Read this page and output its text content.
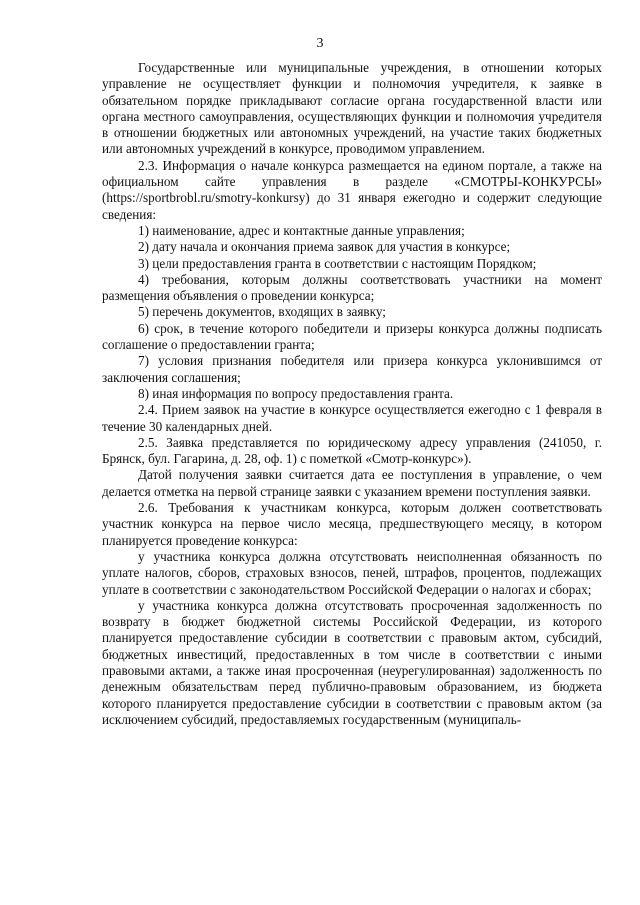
3

Государственные или муниципальные учреждения, в отношении которых управление не осуществляет функции и полномочия учредителя, к заявке в обязательном порядке прикладывают согласие органа государственной власти или органа местного самоуправления, осуществляющих функции и полномочия учредителя в отношении бюджетных или автономных учреждений, на участие таких бюджетных или автономных учреждений в конкурсе, проводимом управлением.

2.3. Информация о начале конкурса размещается на едином портале, а также на официальном сайте управления в разделе «СМОТРЫ-КОНКУРСЫ» (https://sportbrobl.ru/smotry-konkursy) до 31 января ежегодно и содержит следующие сведения:

1) наименование, адрес и контактные данные управления;

2) дату начала и окончания приема заявок для участия в конкурсе;

3) цели предоставления гранта в соответствии с настоящим Порядком;

4) требования, которым должны соответствовать участники на момент размещения объявления о проведении конкурса;

5) перечень документов, входящих в заявку;

6) срок, в течение которого победители и призеры конкурса должны подписать соглашение о предоставлении гранта;

7) условия признания победителя или призера конкурса уклонившимся от заключения соглашения;

8) иная информация по вопросу предоставления гранта.

2.4. Прием заявок на участие в конкурсе осуществляется ежегодно с 1 февраля в течение 30 календарных дней.

2.5. Заявка представляется по юридическому адресу управления (241050, г. Брянск, бул. Гагарина, д. 28, оф. 1) с пометкой «Смотр-конкурс»).

Датой получения заявки считается дата ее поступления в управление, о чем делается отметка на первой странице заявки с указанием времени поступления заявки.

2.6. Требования к участникам конкурса, которым должен соответствовать участник конкурса на первое число месяца, предшествующего месяцу, в котором планируется проведение конкурса:

у участника конкурса должна отсутствовать неисполненная обязанность по уплате налогов, сборов, страховых взносов, пеней, штрафов, процентов, подлежащих уплате в соответствии с законодательством Российской Федерации о налогах и сборах;

у участника конкурса должна отсутствовать просроченная задолженность по возврату в бюджет бюджетной системы Российской Федерации, из которого планируется предоставление субсидии в соответствии с правовым актом, субсидий, бюджетных инвестиций, предоставленных в том числе в соответствии с иными правовыми актами, а также иная просроченная (неурегулированная) задолженность по денежным обязательствам перед публично-правовым образованием, из бюджета которого планируется предоставление субсидии в соответствии с правовым актом (за исключением субсидий, предоставляемых государственным (муниципаль-
